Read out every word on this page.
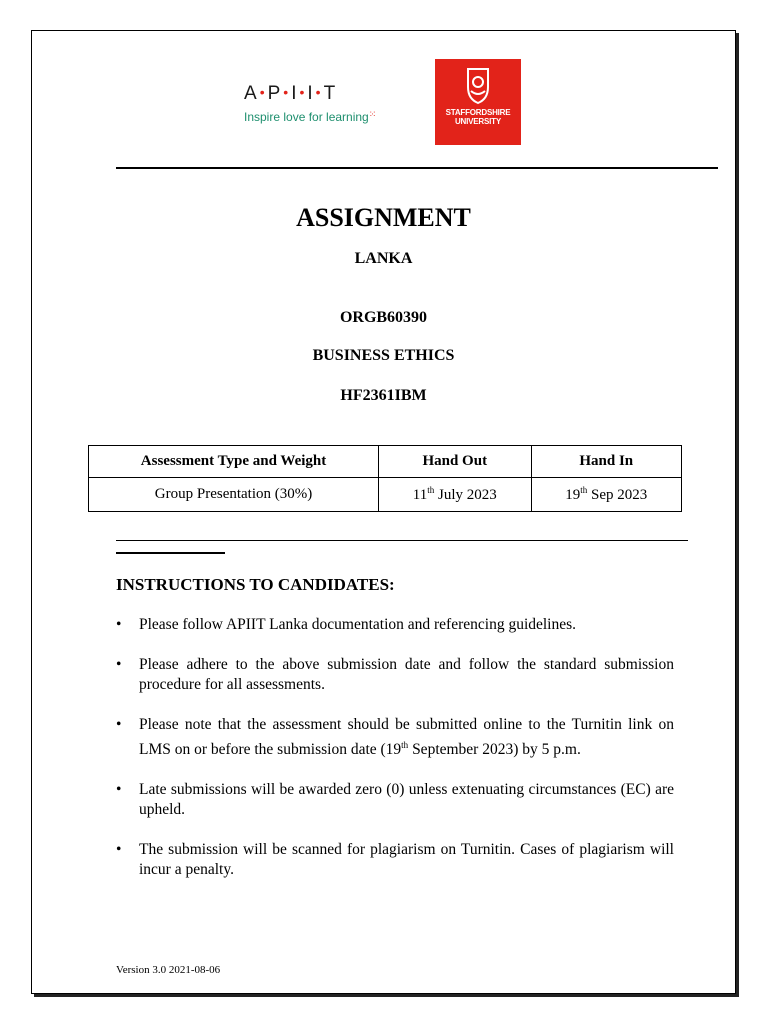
A • P • I • I • T
Inspire love for learning⁙	STAFFORDSHIRE
UNIVERSITY
ASSIGNMENT
LANKA
ORGB60390
BUSINESS ETHICS
HF2361IBM
Assessment Type and Weight	Hand Out	Hand In
Group Presentation (30%)	11th July 2023	19th Sep 2023
INSTRUCTIONS TO CANDIDATES:
• Please follow APIIT Lanka documentation and referencing guidelines.
• Please adhere to the above submission date and follow the standard submission procedure for all assessments.
• Please note that the assessment should be submitted online to the Turnitin link on LMS on or before the submission date (19th September 2023) by 5 p.m.
• Late submissions will be awarded zero (0) unless extenuating circumstances (EC) are upheld.
• The submission will be scanned for plagiarism on Turnitin. Cases of plagiarism will incur a penalty.
Version 3.0 2021-08-06
